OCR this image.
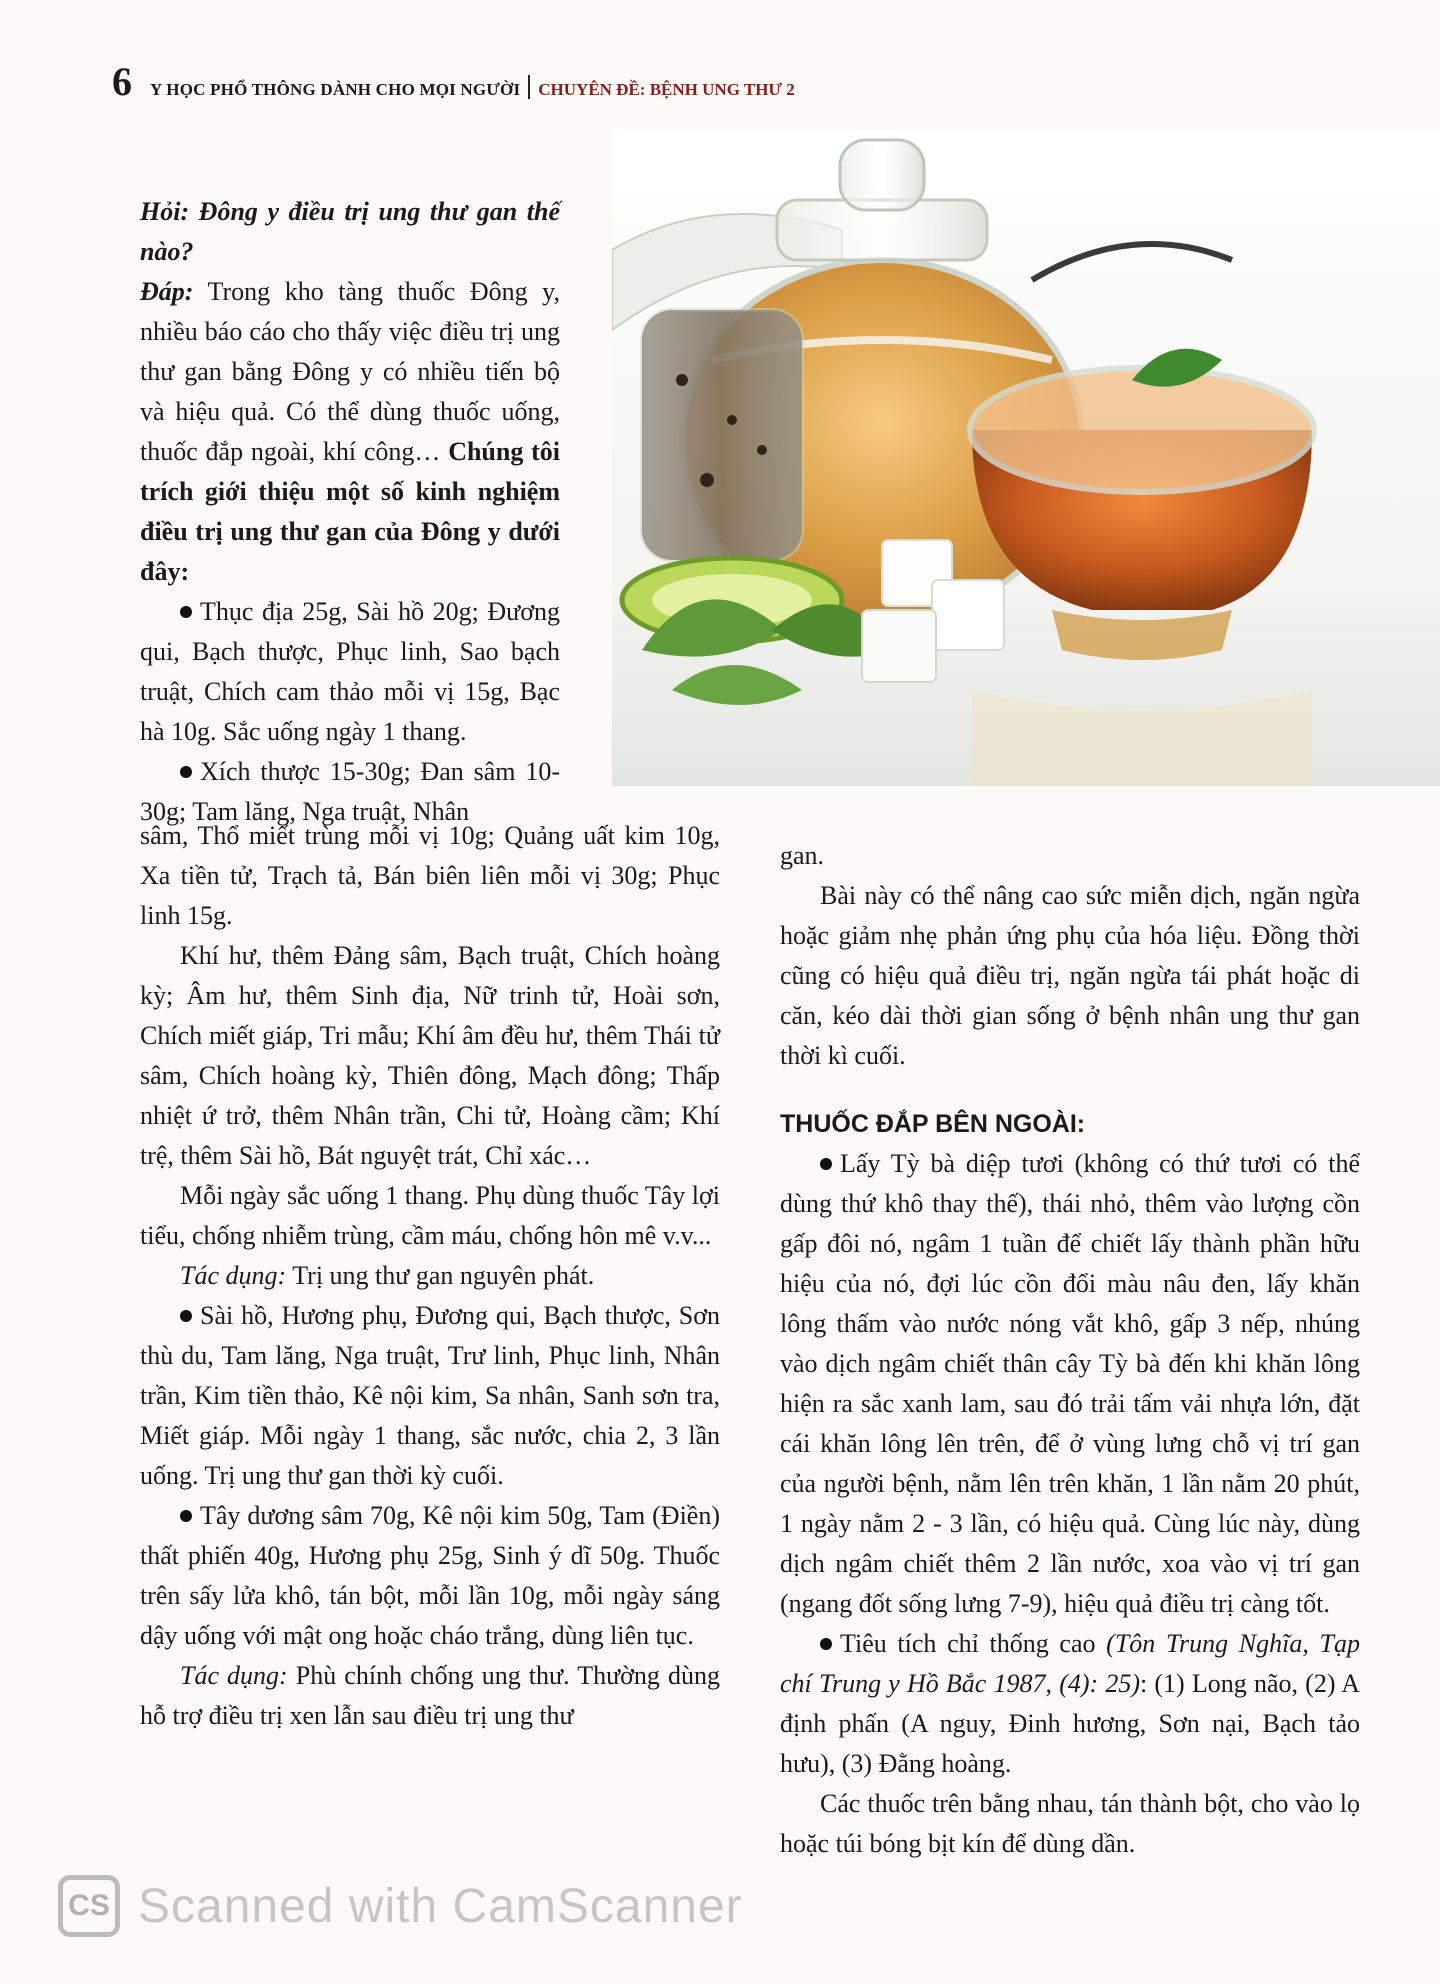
6 Y HỌC PHỔ THÔNG DÀNH CHO MỌI NGƯỜI CHUYÊN ĐỀ: BỆNH UNG THƯ 2

Hỏi: Đông y điều trị ung thư gan thế nào?

Đáp: Trong kho tàng thuốc Đông y, nhiều báo cáo cho thấy việc điều trị ung thư gan bằng Đông y có nhiều tiến bộ và hiệu quả. Có thể dùng thuốc uống, thuốc đắp ngoài, khí công… Chúng tôi trích giới thiệu một số kinh nghiệm điều trị ung thư gan của Đông y dưới đây:

Thục địa 25g, Sài hồ 20g; Đương qui, Bạch thược, Phục linh, Sao bạch truật, Chích cam thảo mỗi vị 15g, Bạc hà 10g. Sắc uống ngày 1 thang.

Xích thược 15-30g; Đan sâm 10-30g; Tam lăng, Nga truật, Nhân

sâm, Thổ miết trùng mỗi vị 10g; Quảng uất kim 10g, Xa tiền tử, Trạch tả, Bán biên liên mỗi vị 30g; Phục linh 15g.

Khí hư, thêm Đảng sâm, Bạch truật, Chích hoàng kỳ; Âm hư, thêm Sinh địa, Nữ trinh tử, Hoài sơn, Chích miết giáp, Tri mẫu; Khí âm đều hư, thêm Thái tử sâm, Chích hoàng kỳ, Thiên đông, Mạch đông; Thấp nhiệt ứ trở, thêm Nhân trần, Chi tử, Hoàng cầm; Khí trệ, thêm Sài hồ, Bát nguyệt trát, Chỉ xác…

Mỗi ngày sắc uống 1 thang. Phụ dùng thuốc Tây lợi tiểu, chống nhiễm trùng, cầm máu, chống hôn mê v.v...

Tác dụng: Trị ung thư gan nguyên phát.

Sài hồ, Hương phụ, Đương qui, Bạch thược, Sơn thù du, Tam lăng, Nga truật, Trư linh, Phục linh, Nhân trần, Kim tiền thảo, Kê nội kim, Sa nhân, Sanh sơn tra, Miết giáp. Mỗi ngày 1 thang, sắc nước, chia 2, 3 lần uống. Trị ung thư gan thời kỳ cuối.

Tây dương sâm 70g, Kê nội kim 50g, Tam (Điền) thất phiến 40g, Hương phụ 25g, Sinh ý dĩ 50g. Thuốc trên sấy lửa khô, tán bột, mỗi lần 10g, mỗi ngày sáng dậy uống với mật ong hoặc cháo trắng, dùng liên tục.

Tác dụng: Phù chính chống ung thư. Thường dùng hỗ trợ điều trị xen lẫn sau điều trị ung thư

gan.

Bài này có thể nâng cao sức miễn dịch, ngăn ngừa hoặc giảm nhẹ phản ứng phụ của hóa liệu. Đồng thời cũng có hiệu quả điều trị, ngăn ngừa tái phát hoặc di căn, kéo dài thời gian sống ở bệnh nhân ung thư gan thời kì cuối.

THUỐC ĐẮP BÊN NGOÀI:

Lấy Tỳ bà diệp tươi (không có thứ tươi có thể dùng thứ khô thay thế), thái nhỏ, thêm vào lượng cồn gấp đôi nó, ngâm 1 tuần để chiết lấy thành phần hữu hiệu của nó, đợi lúc cồn đổi màu nâu đen, lấy khăn lông thấm vào nước nóng vắt khô, gấp 3 nếp, nhúng vào dịch ngâm chiết thân cây Tỳ bà đến khi khăn lông hiện ra sắc xanh lam, sau đó trải tấm vải nhựa lớn, đặt cái khăn lông lên trên, để ở vùng lưng chỗ vị trí gan của người bệnh, nằm lên trên khăn, 1 lần nằm 20 phút, 1 ngày nằm 2 - 3 lần, có hiệu quả. Cùng lúc này, dùng dịch ngâm chiết thêm 2 lần nước, xoa vào vị trí gan (ngang đốt sống lưng 7-9), hiệu quả điều trị càng tốt.

Tiêu tích chỉ thống cao (Tôn Trung Nghĩa, Tạp chí Trung y Hồ Bắc 1987, (4): 25): (1) Long não, (2) A định phấn (A nguy, Đinh hương, Sơn nại, Bạch tảo hưu), (3) Đằng hoàng.

Các thuốc trên bằng nhau, tán thành bột, cho vào lọ hoặc túi bóng bịt kín để dùng dần.

CS Scanned with CamScanner
